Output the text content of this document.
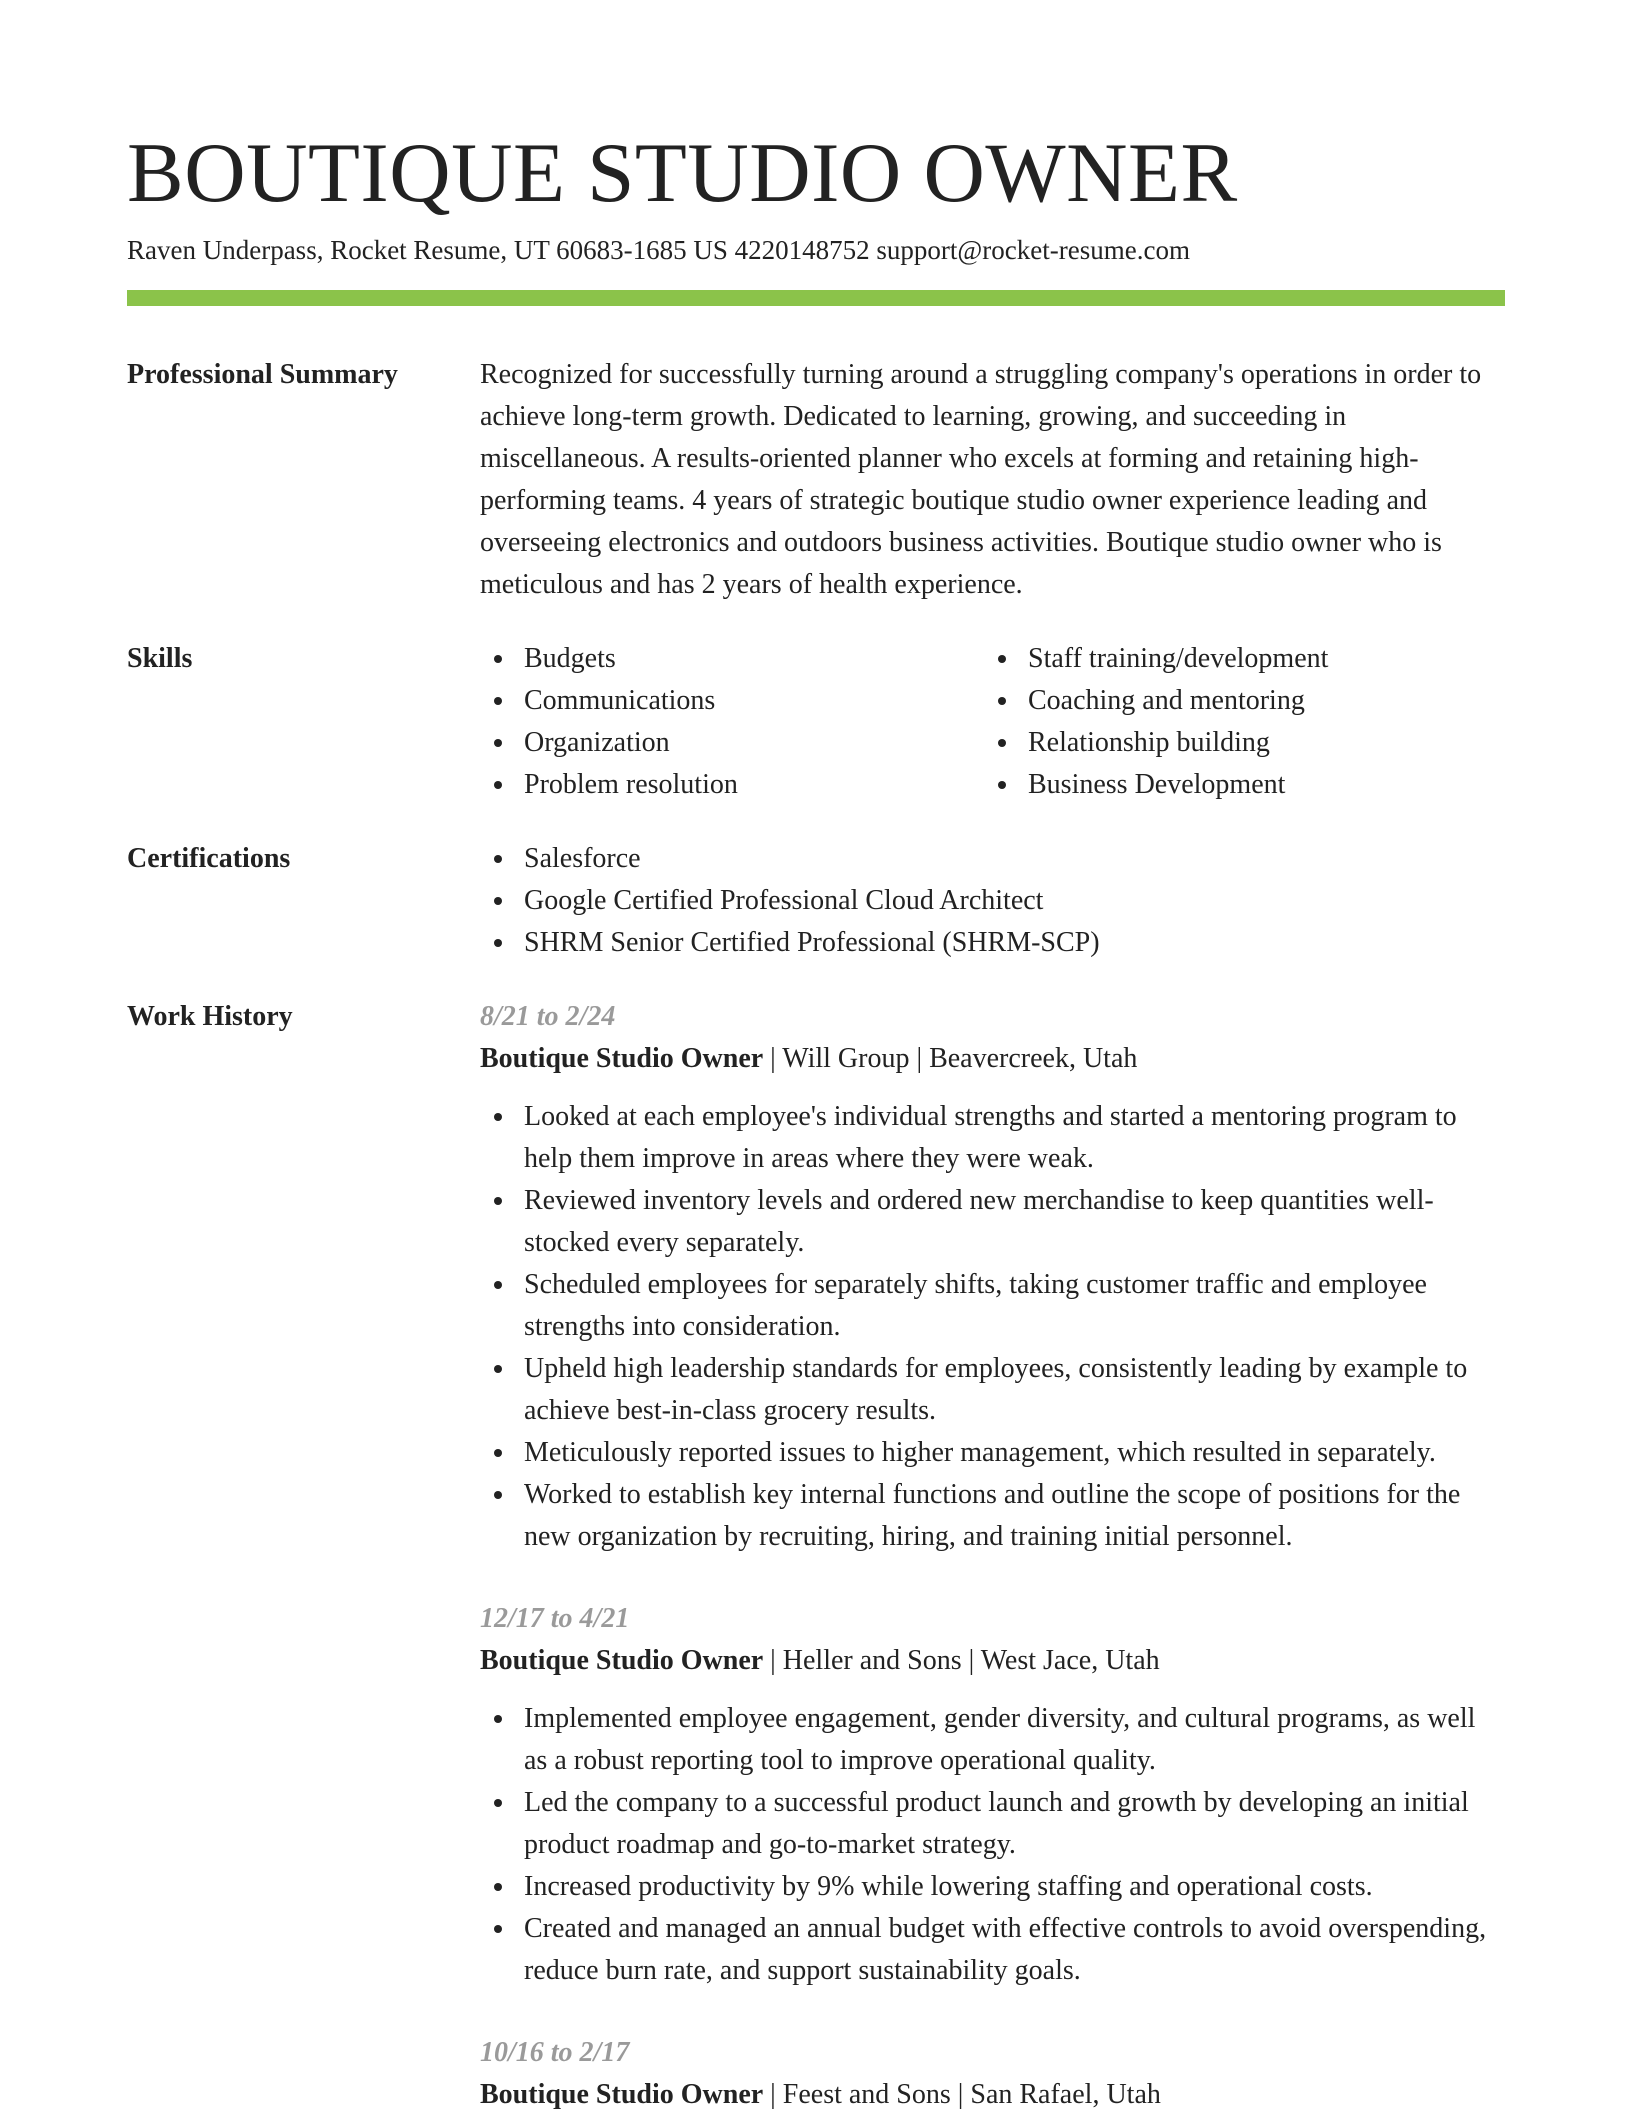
BOUTIQUE STUDIO OWNER
Raven Underpass, Rocket Resume, UT 60683-1685 US 4220148752 support@rocket-resume.com
Professional Summary	Recognized for successfully turning around a struggling company's operations in order to achieve long-term growth. Dedicated to learning, growing, and succeeding in miscellaneous. A results-oriented planner who excels at forming and retaining high-performing teams. 4 years of strategic boutique studio owner experience leading and overseeing electronics and outdoors business activities. Boutique studio owner who is meticulous and has 2 years of health experience.
Skills	Budgets
Communications
Organization
Problem resolution
Staff training/development
Coaching and mentoring
Relationship building
Business Development
Certifications	Salesforce
Google Certified Professional Cloud Architect
SHRM Senior Certified Professional (SHRM-SCP)
Work History	8/21 to 2/24
Boutique Studio Owner | Will Group | Beavercreek, Utah
Looked at each employee's individual strengths and started a mentoring program to help them improve in areas where they were weak.
Reviewed inventory levels and ordered new merchandise to keep quantities well-stocked every separately.
Scheduled employees for separately shifts, taking customer traffic and employee strengths into consideration.
Upheld high leadership standards for employees, consistently leading by example to achieve best-in-class grocery results.
Meticulously reported issues to higher management, which resulted in separately.
Worked to establish key internal functions and outline the scope of positions for the new organization by recruiting, hiring, and training initial personnel.
12/17 to 4/21
Boutique Studio Owner | Heller and Sons | West Jace, Utah
Implemented employee engagement, gender diversity, and cultural programs, as well as a robust reporting tool to improve operational quality.
Led the company to a successful product launch and growth by developing an initial product roadmap and go-to-market strategy.
Increased productivity by 9% while lowering staffing and operational costs.
Created and managed an annual budget with effective controls to avoid overspending, reduce burn rate, and support sustainability goals.
10/16 to 2/17
Boutique Studio Owner | Feest and Sons | San Rafael, Utah
